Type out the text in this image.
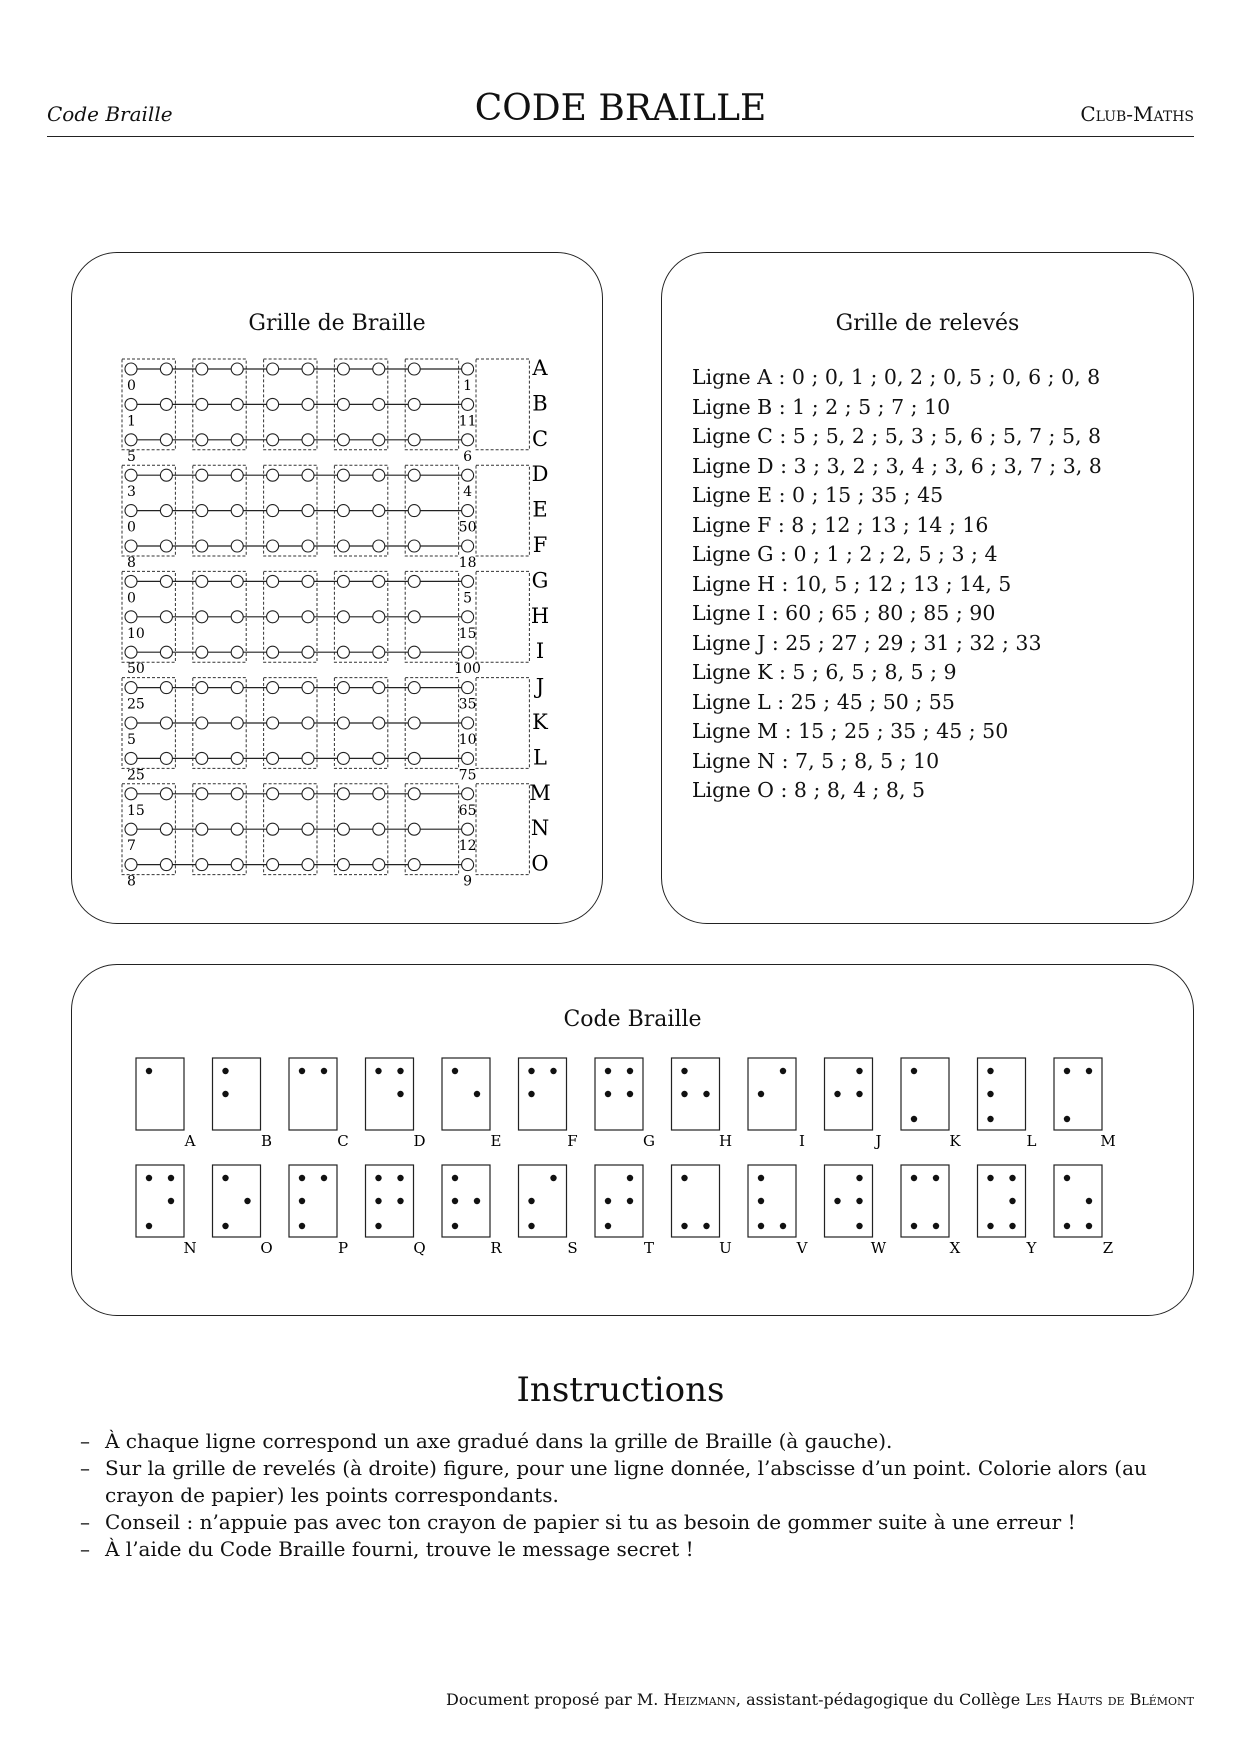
Code Braille	CODE BRAILLE	Club-Maths
Grille de Braille
0	1
A
1	11
B
5	6
C
3	4
D
0	50
E
8	18
F
0	5
G
10	15
H
50	100
I
25	35
J
5	10
K
25	75
L
15	65
M
7	12
N
8	9
O
Grille de relevés
Ligne A : 0 ; 0, 1 ; 0, 2 ; 0, 5 ; 0, 6 ; 0, 8
Ligne B : 1 ; 2 ; 5 ; 7 ; 10
Ligne C : 5 ; 5, 2 ; 5, 3 ; 5, 6 ; 5, 7 ; 5, 8
Ligne D : 3 ; 3, 2 ; 3, 4 ; 3, 6 ; 3, 7 ; 3, 8
Ligne E : 0 ; 15 ; 35 ; 45
Ligne F : 8 ; 12 ; 13 ; 14 ; 16
Ligne G : 0 ; 1 ; 2 ; 2, 5 ; 3 ; 4
Ligne H : 10, 5 ; 12 ; 13 ; 14, 5
Ligne I : 60 ; 65 ; 80 ; 85 ; 90
Ligne J : 25 ; 27 ; 29 ; 31 ; 32 ; 33
Ligne K : 5 ; 6, 5 ; 8, 5 ; 9
Ligne L : 25 ; 45 ; 50 ; 55
Ligne M : 15 ; 25 ; 35 ; 45 ; 50
Ligne N : 7, 5 ; 8, 5 ; 10
Ligne O : 8 ; 8, 4 ; 8, 5
Code Braille
A	B	C	D	E	F	G	H	I	J	K	L	M
N	O	P	Q	R	S	T	U	V	W	X	Y	Z
Instructions
– À chaque ligne correspond un axe gradué dans la grille de Braille (à gauche).
– Sur la grille de revelés (à droite) figure, pour une ligne donnée, l’abscisse d’un point. Colorie alors (au crayon de papier) les points correspondants.
– Conseil : n’appuie pas avec ton crayon de papier si tu as besoin de gommer suite à une erreur !
– À l’aide du Code Braille fourni, trouve le message secret !
Document proposé par M. Heizmann, assistant-pédagogique du Collège Les Hauts de Blémont
